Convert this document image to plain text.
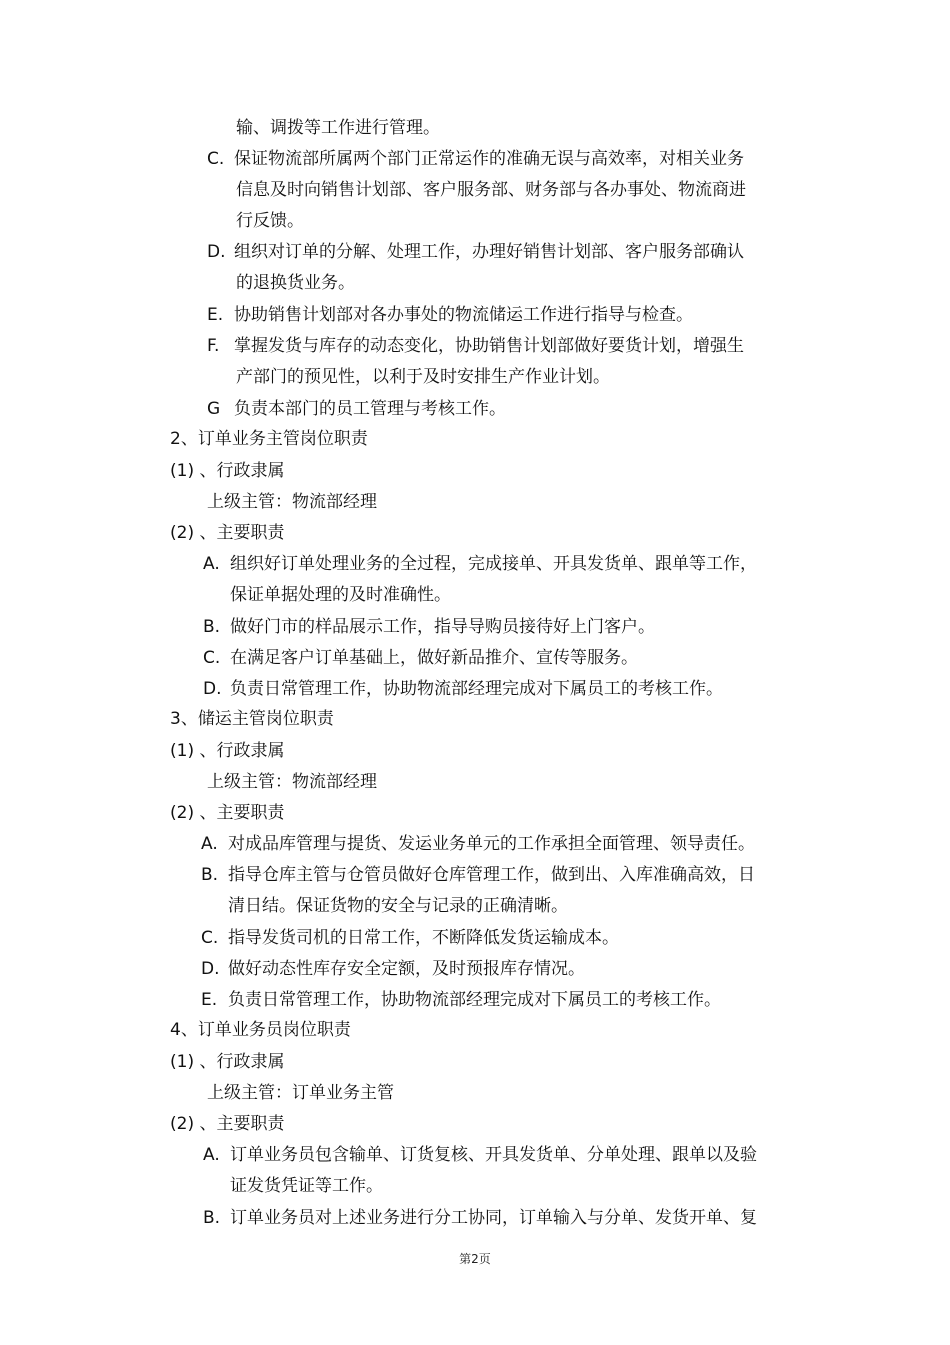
输、调拨等工作进行管理。
C. 保证物流部所属两个部门正常运作的准确无误与高效率，对相关业务
信息及时向销售计划部、客户服务部、财务部与各办事处、物流商进
行反馈。
D. 组织对订单的分解、处理工作，办理好销售计划部、客户服务部确认
的退换货业务。
E. 协助销售计划部对各办事处的物流储运工作进行指导与检查。
F. 掌握发货与库存的动态变化，协助销售计划部做好要货计划，增强生
产部门的预见性，以利于及时安排生产作业计划。
G 负责本部门的员工管理与考核工作。
2、订单业务主管岗位职责
(1) 、行政隶属
上级主管：物流部经理
(2) 、主要职责
A. 组织好订单处理业务的全过程，完成接单、开具发货单、跟单等工作，
保证单据处理的及时准确性。
B. 做好门市的样品展示工作，指导导购员接待好上门客户。
C. 在满足客户订单基础上，做好新品推介、宣传等服务。
D. 负责日常管理工作，协助物流部经理完成对下属员工的考核工作。
3、储运主管岗位职责
(1) 、行政隶属
上级主管：物流部经理
(2) 、主要职责
A. 对成品库管理与提货、发运业务单元的工作承担全面管理、领导责任。
B. 指导仓库主管与仓管员做好仓库管理工作，做到出、入库准确高效，日
清日结。保证货物的安全与记录的正确清晰。
C. 指导发货司机的日常工作，不断降低发货运输成本。
D. 做好动态性库存安全定额，及时预报库存情况。
E. 负责日常管理工作，协助物流部经理完成对下属员工的考核工作。
4、订单业务员岗位职责
(1) 、行政隶属
上级主管：订单业务主管
(2) 、主要职责
A. 订单业务员包含输单、订货复核、开具发货单、分单处理、跟单以及验
证发货凭证等工作。
B. 订单业务员对上述业务进行分工协同，订单输入与分单、发货开单、复
第2页
